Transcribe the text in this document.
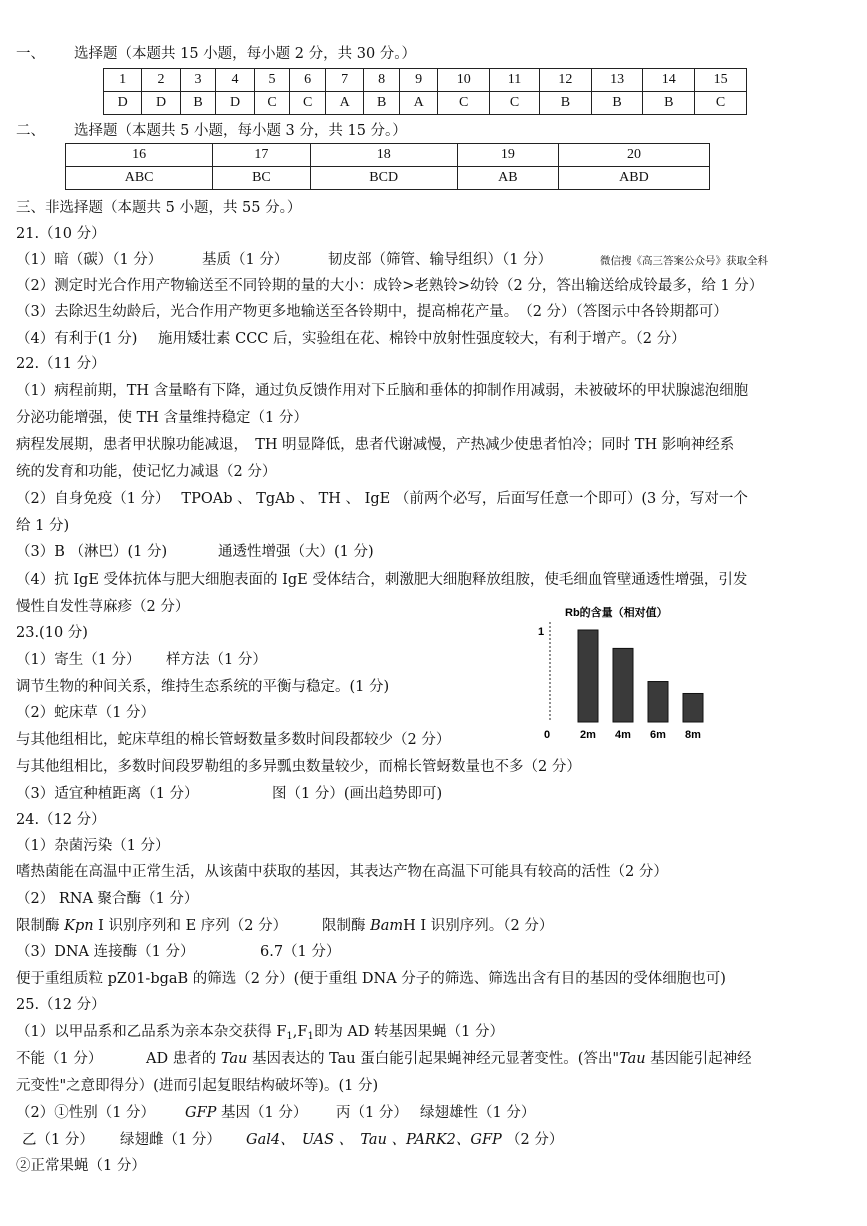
一、 选择题（本题共 15 小题，每小题 2 分，共 30 分。）
1	2	3	4	5	6	7	8	9	10	11	12	13	14	15
D	D	B	D	C	C	A	B	A	C	C	B	B	B	C
二、 选择题（本题共 5 小题，每小题 3 分，共 15 分。）
16	17	18	19	20
ABC	BC	BCD	AB	ABD
三、非选择题（本题共 5 小题，共 55 分。）
21.（10 分）
（1）暗（碳）（1 分）	基质（1 分）	韧皮部（筛管、输导组织）（1 分）	微信搜《高三答案公众号》获取全科
（2）测定时光合作用产物输送至不同铃期的量的大小：成铃>老熟铃>幼铃（2 分，答出输送给成铃最多，给 1 分）
（3）去除迟生幼龄后，光合作用产物更多地输送至各铃期中，提高棉花产量。　（2 分）（答图示中各铃期都可）
（4）有利于(1 分) 施用矮壮素 CCC 后，实验组在花、棉铃中放射性强度较大，有利于增产。（2 分）
22.（11 分）
（1）病程前期，TH 含量略有下降，通过负反馈作用对下丘脑和垂体的抑制作用减弱，未被破坏的甲状腺滤泡细胞
分泌功能增强，使 TH 含量维持稳定（1 分）
病程发展期，患者甲状腺功能减退，　TH 明显降低，患者代谢减慢，产热减少使患者怕冷；同时 TH 影响神经系
统的发育和功能，使记忆力减退（2 分）
（2）自身免疫（1 分）　 TPOAb 、 TgAb 、 TH 、 IgE （前两个必写，后面写任意一个即可）(3 分，写对一个
给 1 分)
（3）B （淋巴）(1 分)	通透性增强（大）(1 分)
（4）抗 IgE 受体抗体与肥大细胞表面的 IgE 受体结合，刺激肥大细胞释放组胺，使毛细血管壁通透性增强，引发
慢性自发性荨麻疹（2 分）
23.(10 分)
（1）寄生（1 分） 样方法（1 分）
调节生物的种间关系，维持生态系统的平衡与稳定。(1 分)
（2）蛇床草（1 分）
与其他组相比，蛇床草组的棉长管蚜数量多数时间段都较少（2 分）
与其他组相比，多数时间段罗勒组的多异瓢虫数量较少，而棉长管蚜数量也不多（2 分）
（3）适宜种植距离（1 分）	图（1 分）(画出趋势即可)
Rb的含量（相对值）
1
0	2m 4m 6m 8m
24.（12 分）
（1）杂菌污染（1 分）
嗜热菌能在高温中正常生活，从该菌中获取的基因，其表达产物在高温下可能具有较高的活性（2 分）
（2） RNA 聚合酶（1 分）
限制酶 Kpn I 识别序列和 E 序列（2 分） 限制酶 BamH I 识别序列。（2 分）
（3）DNA 连接酶（1 分）	6.7（1 分）
便于重组质粒 pZ01-bgaB 的筛选（2 分）(便于重组 DNA 分子的筛选、筛选出含有目的基因的受体细胞也可)
25.（12 分）
（1）以甲品系和乙品系为亲本杂交获得 $F_1,F_1$即为 AD 转基因果蝇（1 分）
不能（1 分）	AD 患者的 Tau 基因表达的 Tau 蛋白能引起果蝇神经元显著变性。(答出"Tau 基因能引起神经
元变性"之意即得分）(进而引起复眼结构破坏等)。(1 分)
（2）①性别（1 分） GFP 基因（1 分） 丙（1 分） 绿翅雄性（1 分）
乙（1 分） 绿翅雌（1 分） Gal4、　UAS 、　Tau 、PARK2、GFP （2 分）
②正常果蝇（1 分）
